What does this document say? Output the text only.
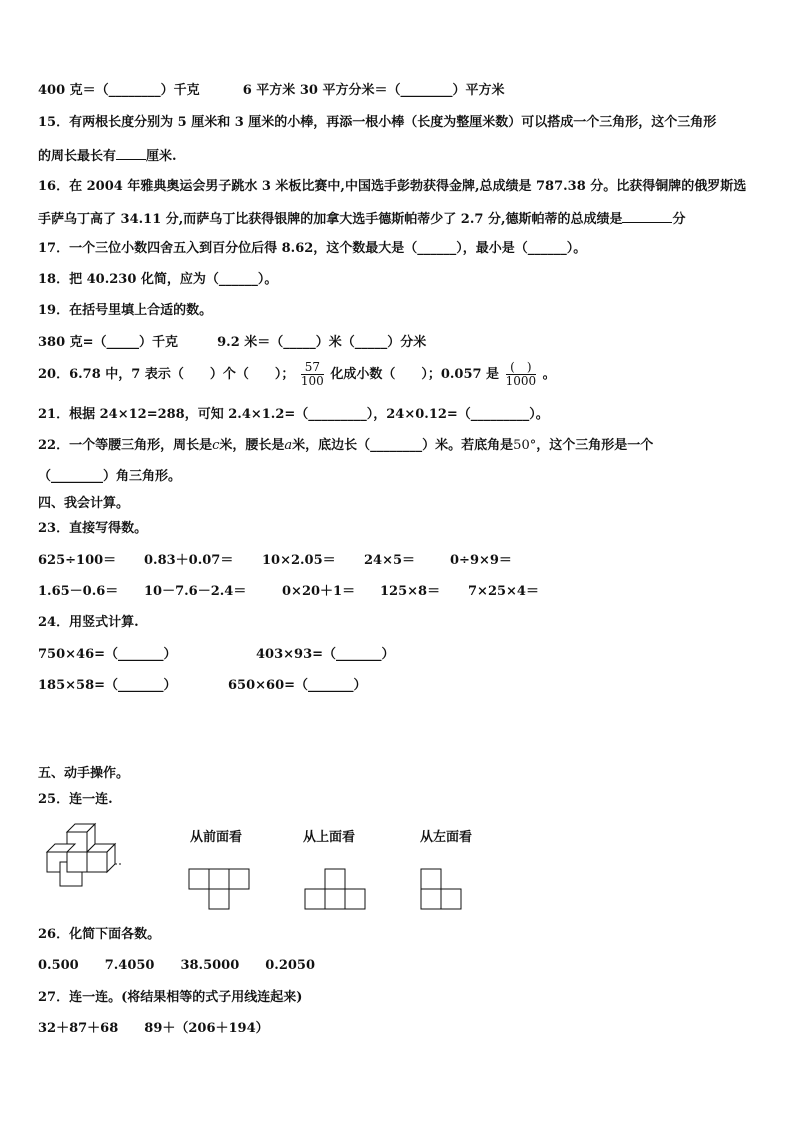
400 克＝（________）千克	6 平方米 30 平方分米＝（________）平方米
15．有两根长度分别为 5 厘米和 3 厘米的小棒，再添一根小棒（长度为整厘米数）可以搭成一个三角形，这个三角形
的周长最长有 厘米.
16．在 2004 年雅典奥运会男子跳水 3 米板比赛中,中国选手彭勃获得金牌,总成绩是 787.38 分。比获得铜牌的俄罗斯选
手萨乌丁高了 34.11 分,而萨乌丁比获得银牌的加拿大选手德斯帕蒂少了 2.7 分,德斯帕蒂的总成绩是	分
17．一个三位小数四舍五入到百分位后得 8.62，这个数最大是（______），最小是（______）。
18．把 40.230 化简，应为（______）。
19．在括号里填上合适的数。
380 克=（_____）千克	9.2 米＝（_____）米（_____）分米
20．6.78 中，7 表示（　　）个（　　）； $\frac{57}{100}$ 化成小数（　　）；0.057 是 $\frac{( )}{1000}$ 。
21．根据 24×12=288，可知 2.4×1.2=（_________），24×0.12=（_________）。
22．一个等腰三角形，周长是c米，腰长是a米，底边长（________）米。若底角是50°，这个三角形是一个
（________）角三角形。
四、我会计算。
23．直接写得数。
625÷100＝ 0.83＋0.07＝ 10×2.05＝ 24×5＝	0÷9×9＝
1.65－0.6＝ 10－7.6－2.4＝	0×20＋1＝ 125×8＝ 7×25×4＝
24．用竖式计算.
750×46=（_______）	403×93=（_______）
185×58=（_______）	650×60=（_______）
五、动手操作。
25．连一连.
从前面看	从上面看	从左面看
26．化简下面各数。
0.500　　7.4050　　38.5000　　0.2050
27．连一连。(将结果相等的式子用线连起来)
32＋87＋68　　89＋（206＋194）
